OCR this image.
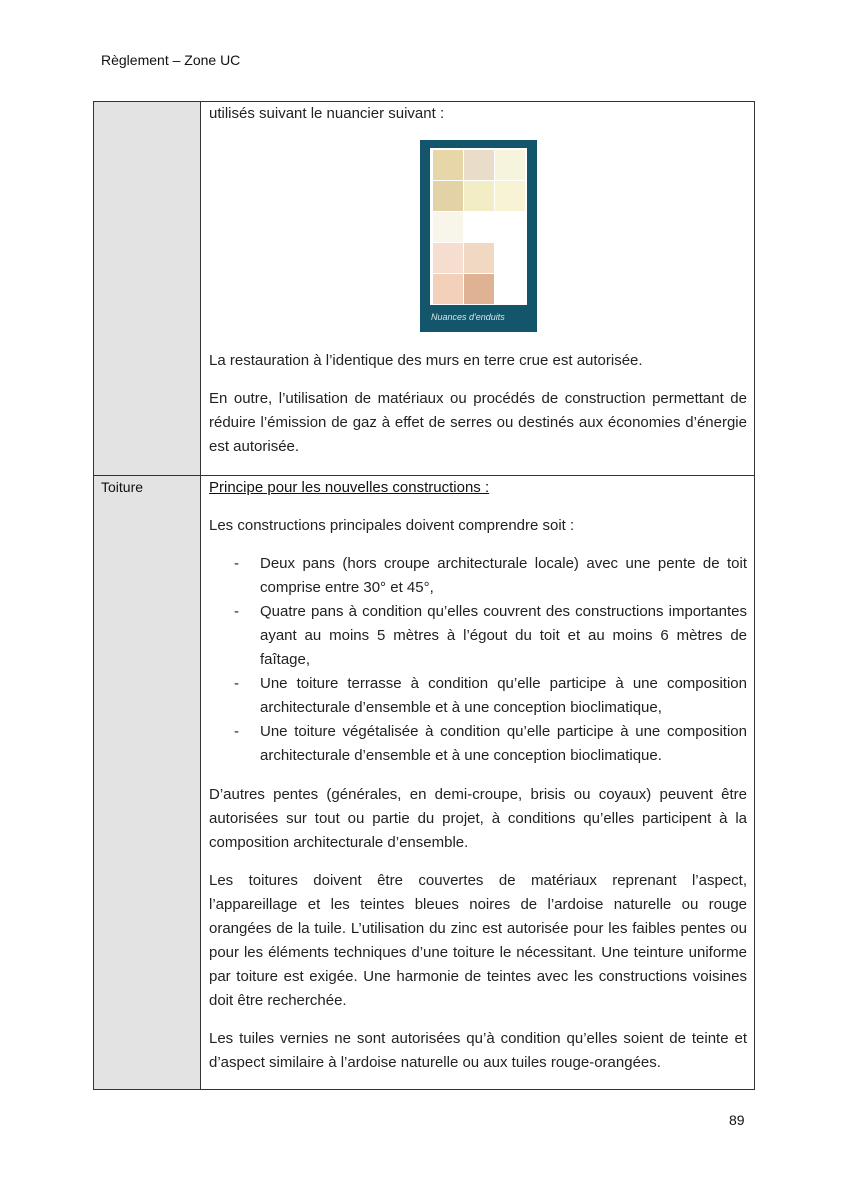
Règlement – Zone UC
Toiture

utilisés suivant le nuancier suivant :

Nuances d'enduits

La restauration à l’identique des murs en terre crue est autorisée.

En outre, l’utilisation de matériaux ou procédés de construction permettant de réduire l’émission de gaz à effet de serres ou destinés aux économies d’énergie est autorisée.

Principe pour les nouvelles constructions :

Les constructions principales doivent comprendre soit :

- Deux pans (hors croupe architecturale locale) avec une pente de toit comprise entre 30° et 45°,
- Quatre pans à condition qu’elles couvrent des constructions importantes ayant au moins 5 mètres à l’égout du toit et au moins 6 mètres de faîtage,
- Une toiture terrasse à condition qu’elle participe à une composition architecturale d’ensemble et à une conception bioclimatique,
- Une toiture végétalisée à condition qu’elle participe à une composition architecturale d’ensemble et à une conception bioclimatique.

D’autres pentes (générales, en demi-croupe, brisis ou coyaux) peuvent être autorisées sur tout ou partie du projet, à conditions qu’elles participent à la composition architecturale d’ensemble.

Les toitures doivent être couvertes de matériaux reprenant l’aspect, l’appareillage et les teintes bleues noires de l’ardoise naturelle ou rouge orangées de la tuile. L’utilisation du zinc est autorisée pour les faibles pentes ou pour les éléments techniques d’une toiture le nécessitant. Une teinture uniforme par toiture est exigée. Une harmonie de teintes avec les constructions voisines doit être recherchée.

Les tuiles vernies ne sont autorisées qu’à condition qu’elles soient de teinte et d’aspect similaire à l’ardoise naturelle ou aux tuiles rouge-orangées.

89
